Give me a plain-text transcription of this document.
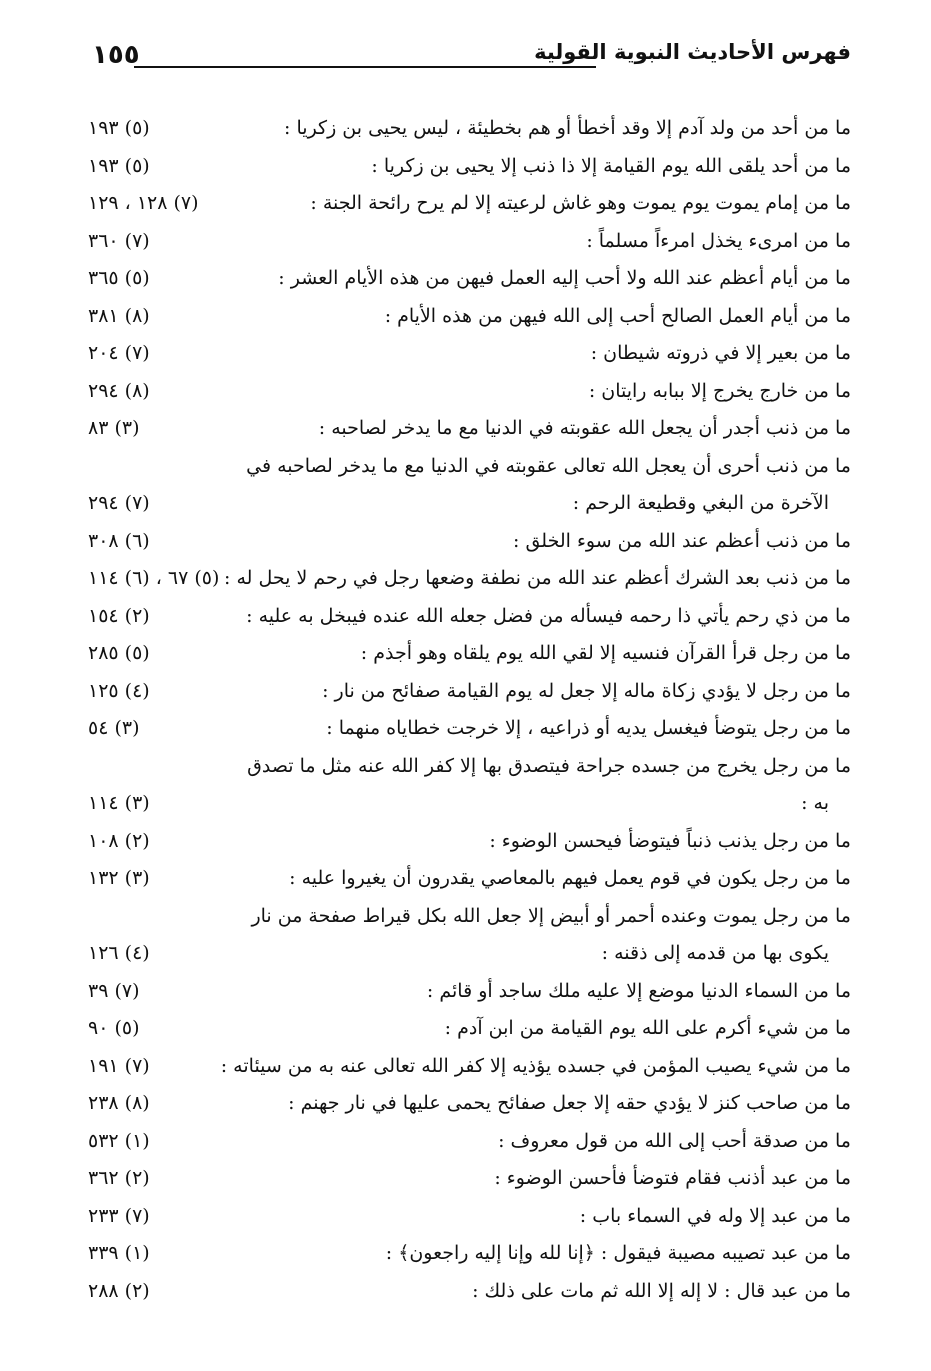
١٥٥	فهرس الأحاديث النبوية القولية
ما من أحد من ولد آدم إلا وقد أخطأ أو هم بخطيئة ، ليس يحيى بن زكريا :
(٥) ١٩٣
ما من أحد يلقى الله يوم القيامة إلا ذا ذنب إلا يحيى بن زكريا :
(٥) ١٩٣
ما من إمام يموت يوم يموت وهو غاش لرعيته إلا لم يرح رائحة الجنة :
(٧) ١٢٨ ، ١٢٩
ما من امرىء يخذل امرءاً مسلماً :
(٧) ٣٦٠
ما من أيام أعظم عند الله ولا أحب إليه العمل فيهن من هذه الأيام العشر :
(٥) ٣٦٥
ما من أيام العمل الصالح أحب إلى الله فيهن من هذه الأيام :
(٨) ٣٨١
ما من بعير إلا في ذروته شيطان :
(٧) ٢٠٤
ما من خارج يخرج إلا ببابه رايتان :
(٨) ٢٩٤
ما من ذنب أجدر أن يجعل الله عقوبته في الدنيا مع ما يدخر لصاحبه :
(٣) ٨٣
ما من ذنب أحرى أن يعجل الله تعالى عقوبته في الدنيا مع ما يدخر لصاحبه في
الآخرة من البغي وقطيعة الرحم :
(٧) ٢٩٤
ما من ذنب أعظم عند الله من سوء الخلق :
(٦) ٣٠٨
ما من ذنب بعد الشرك أعظم عند الله من نطفة وضعها رجل في رحم لا يحل له :
(٥) ٦٧ ، (٦) ١١٤
ما من ذي رحم يأتي ذا رحمه فيسأله من فضل جعله الله عنده فيبخل به عليه :
(٢) ١٥٤
ما من رجل قرأ القرآن فنسيه إلا لقي الله يوم يلقاه وهو أجذم :
(٥) ٢٨٥
ما من رجل لا يؤدي زكاة ماله إلا جعل له يوم القيامة صفائح من نار :
(٤) ١٢٥
ما من رجل يتوضأ فيغسل يديه أو ذراعيه ، إلا خرجت خطاياه منهما :
(٣) ٥٤
ما من رجل يخرج من جسده جراحة فيتصدق بها إلا كفر الله عنه مثل ما تصدق
به :
(٣) ١١٤
ما من رجل يذنب ذنباً فيتوضأ فيحسن الوضوء :
(٢) ١٠٨
ما من رجل يكون في قوم يعمل فيهم بالمعاصي يقدرون أن يغيروا عليه :
(٣) ١٣٢
ما من رجل يموت وعنده أحمر أو أبيض إلا جعل الله بكل قيراط صفحة من نار
يكوى بها من قدمه إلى ذقنه :
(٤) ١٢٦
ما من السماء الدنيا موضع إلا عليه ملك ساجد أو قائم :
(٧) ٣٩
ما من شيء أكرم على الله يوم القيامة من ابن آدم :
(٥) ٩٠
ما من شيء يصيب المؤمن في جسده يؤذيه إلا كفر الله تعالى عنه به من سيئاته :
(٧) ١٩١
ما من صاحب كنز لا يؤدي حقه إلا جعل صفائح يحمى عليها في نار جهنم :
(٨) ٢٣٨
ما من صدقة أحب إلى الله من قول معروف :
(١) ٥٣٢
ما من عبد أذنب فقام فتوضأ فأحسن الوضوء :
(٢) ٣٦٢
ما من عبد إلا وله في السماء باب :
(٧) ٢٣٣
ما من عبد تصيبه مصيبة فيقول : ﴿إنا لله وإنا إليه راجعون﴾ :
(١) ٣٣٩
ما من عبد قال : لا إله إلا الله ثم مات على ذلك :
(٢) ٢٨٨
